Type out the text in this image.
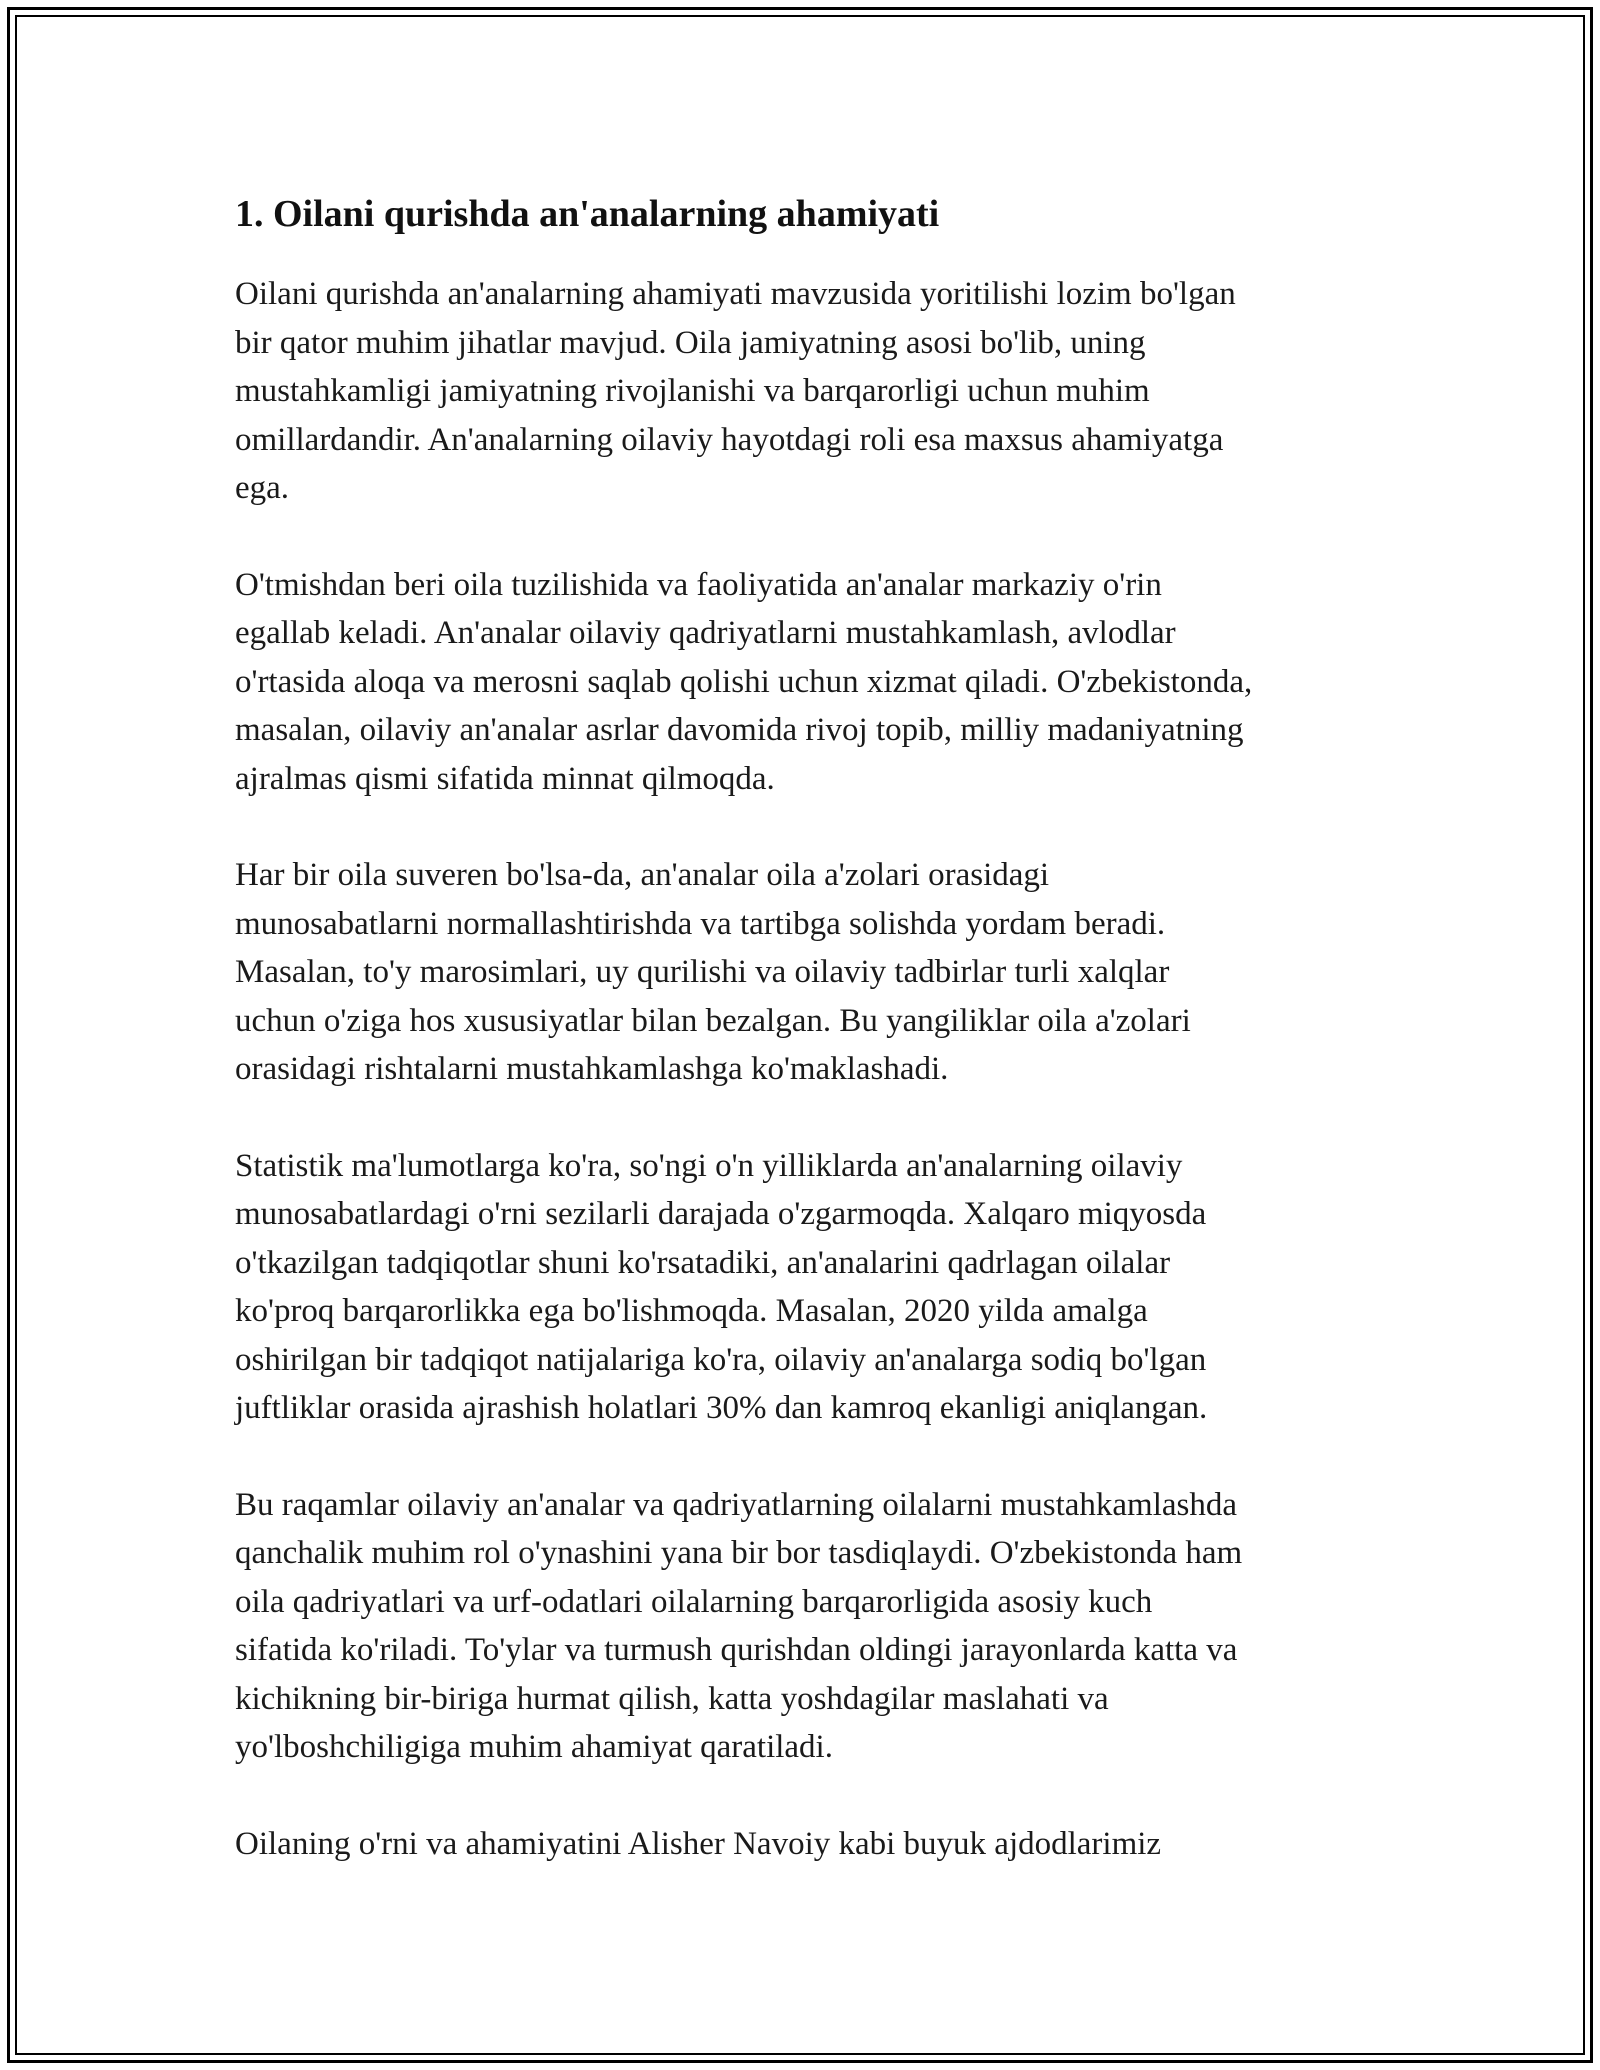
1. Oilani qurishda an'analarning ahamiyati

Oilani qurishda an'analarning ahamiyati mavzusida yoritilishi lozim bo'lgan
bir qator muhim jihatlar mavjud. Oila jamiyatning asosi bo'lib, uning
mustahkamligi jamiyatning rivojlanishi va barqarorligi uchun muhim
omillardandir. An'analarning oilaviy hayotdagi roli esa maxsus ahamiyatga
ega.

O'tmishdan beri oila tuzilishida va faoliyatida an'analar markaziy o'rin
egallab keladi. An'analar oilaviy qadriyatlarni mustahkamlash, avlodlar
o'rtasida aloqa va merosni saqlab qolishi uchun xizmat qiladi. O'zbekistonda,
masalan, oilaviy an'analar asrlar davomida rivoj topib, milliy madaniyatning
ajralmas qismi sifatida minnat qilmoqda.

Har bir oila suveren bo'lsa-da, an'analar oila a'zolari orasidagi
munosabatlarni normallashtirishda va tartibga solishda yordam beradi.
Masalan, to'y marosimlari, uy qurilishi va oilaviy tadbirlar turli xalqlar
uchun o'ziga hos xususiyatlar bilan bezalgan. Bu yangiliklar oila a'zolari
orasidagi rishtalarni mustahkamlashga ko'maklashadi.

Statistik ma'lumotlarga ko'ra, so'ngi o'n yilliklarda an'analarning oilaviy
munosabatlardagi o'rni sezilarli darajada o'zgarmoqda. Xalqaro miqyosda
o'tkazilgan tadqiqotlar shuni ko'rsatadiki, an'analarini qadrlagan oilalar
ko'proq barqarorlikka ega bo'lishmoqda. Masalan, 2020 yilda amalga
oshirilgan bir tadqiqot natijalariga ko'ra, oilaviy an'analarga sodiq bo'lgan
juftliklar orasida ajrashish holatlari 30% dan kamroq ekanligi aniqlangan.

Bu raqamlar oilaviy an'analar va qadriyatlarning oilalarni mustahkamlashda
qanchalik muhim rol o'ynashini yana bir bor tasdiqlaydi. O'zbekistonda ham
oila qadriyatlari va urf-odatlari oilalarning barqarorligida asosiy kuch
sifatida ko'riladi. To'ylar va turmush qurishdan oldingi jarayonlarda katta va
kichikning bir-biriga hurmat qilish, katta yoshdagilar maslahati va
yo'lboshchiligiga muhim ahamiyat qaratiladi.

Oilaning o'rni va ahamiyatini Alisher Navoiy kabi buyuk ajdodlarimiz
